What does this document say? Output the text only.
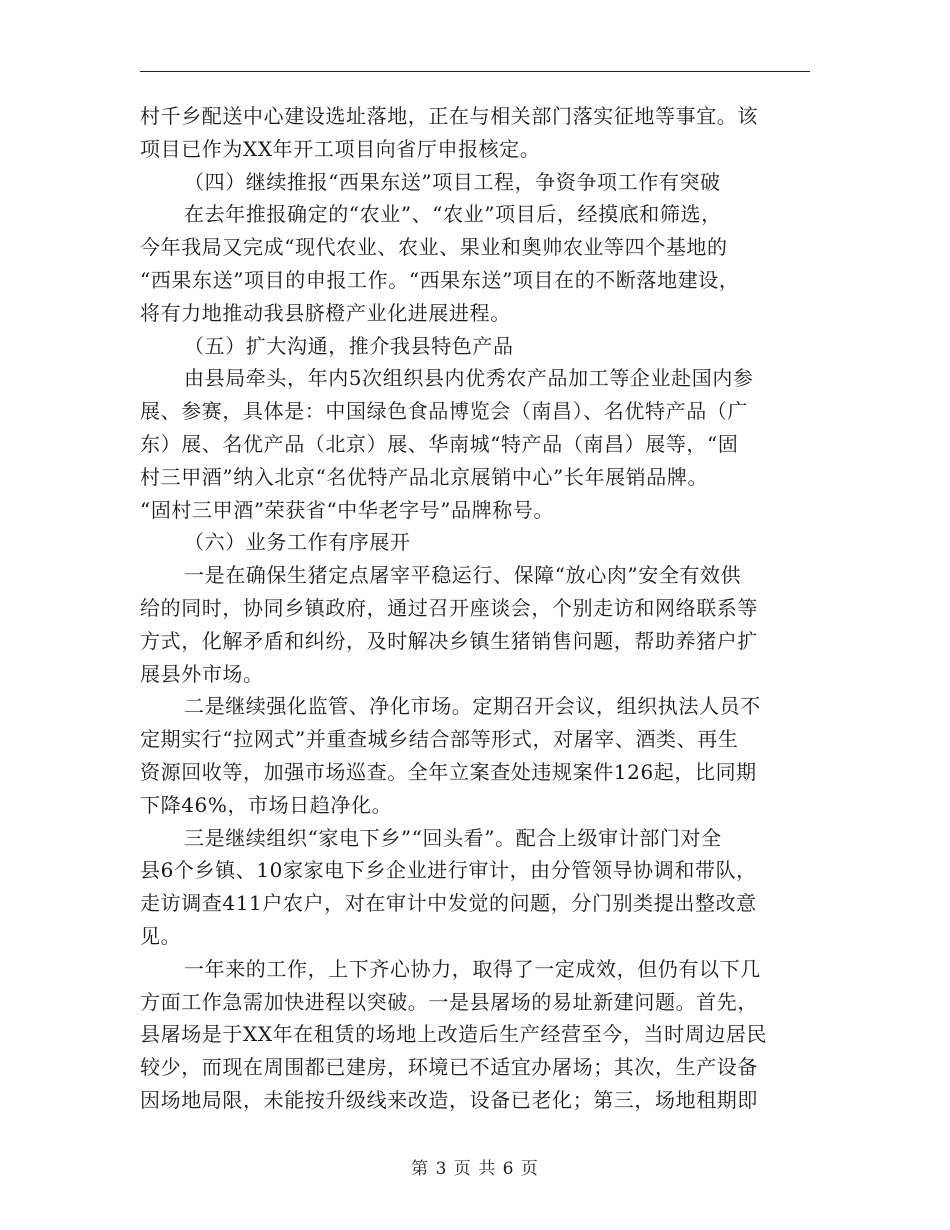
村千乡配送中心建设选址落地，正在与相关部门落实征地等事宜。该

项目已作为XX年开工项目向省厅申报核定。

（四）继续推报“西果东送”项目工程，争资争项工作有突破

在去年推报确定的“农业”、“农业”项目后，经摸底和筛选，

今年我局又完成“现代农业、农业、果业和奥帅农业等四个基地的

“西果东送”项目的申报工作。“西果东送”项目在的不断落地建设，

将有力地推动我县脐橙产业化进展进程。

（五）扩大沟通，推介我县特色产品

由县局牵头，年内5次组织县内优秀农产品加工等企业赴国内参

展、参赛，具体是：中国绿色食品博览会（南昌）、名优特产品（广

东）展、名优产品（北京）展、华南城“特产品（南昌）展等，“固

村三甲酒”纳入北京“名优特产品北京展销中心”长年展销品牌。

“固村三甲酒”荣获省“中华老字号”品牌称号。

（六）业务工作有序展开

一是在确保生猪定点屠宰平稳运行、保障“放心肉”安全有效供

给的同时，协同乡镇政府，通过召开座谈会，个别走访和网络联系等

方式，化解矛盾和纠纷，及时解决乡镇生猪销售问题，帮助养猪户扩

展县外市场。

二是继续强化监管、净化市场。定期召开会议，组织执法人员不

定期实行“拉网式”并重查城乡结合部等形式，对屠宰、酒类、再生

资源回收等，加强市场巡查。全年立案查处违规案件126起，比同期

下降46%，市场日趋净化。

三是继续组织“家电下乡”“回头看”。配合上级审计部门对全

县6个乡镇、10家家电下乡企业进行审计，由分管领导协调和带队，

走访调查411户农户，对在审计中发觉的问题，分门别类提出整改意

见。

一年来的工作，上下齐心协力，取得了一定成效，但仍有以下几

方面工作急需加快进程以突破。一是县屠场的易址新建问题。首先，

县屠场是于XX年在租赁的场地上改造后生产经营至今，当时周边居民

较少，而现在周围都已建房，环境已不适宜办屠场；其次，生产设备

因场地局限，未能按升级线来改造，设备已老化；第三，场地租期即

第 3 页 共 6 页
